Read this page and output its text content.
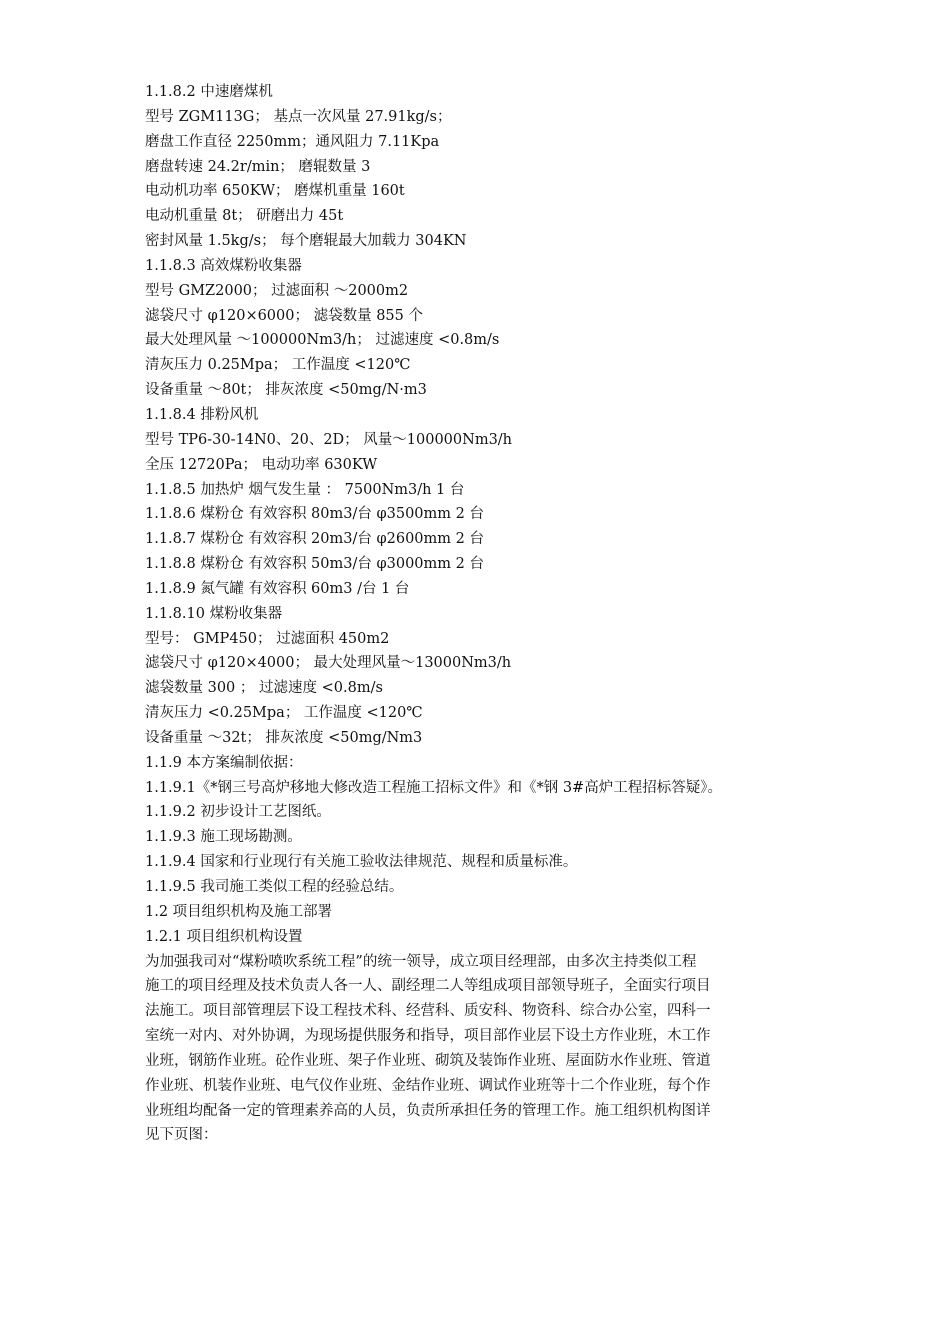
1.1.8.2 中速磨煤机
型号 ZGM113G； 基点一次风量 27.91kg/s；
磨盘工作直径 2250mm；通风阻力 7.11Kpa
磨盘转速 24.2r/min； 磨辊数量 3
电动机功率 650KW； 磨煤机重量 160t
电动机重量 8t； 研磨出力 45t
密封风量 1.5kg/s； 每个磨辊最大加载力 304KN
1.1.8.3 高效煤粉收集器
型号 GMZ2000； 过滤面积 ～2000m2
滤袋尺寸 φ120×6000； 滤袋数量 855 个
最大处理风量 ～100000Nm3/h； 过滤速度 <0.8m/s
清灰压力 0.25Mpa； 工作温度 <120℃
设备重量 ～80t； 排灰浓度 <50mg/N·m3
1.1.8.4 排粉风机
型号 TP6-30-14N0、20、2D； 风量～100000Nm3/h
全压 12720Pa； 电动功率 630KW
1.1.8.5 加热炉 烟气发生量 ： 7500Nm3/h 1 台
1.1.8.6 煤粉仓 有效容积 80m3/台 φ3500mm 2 台
1.1.8.7 煤粉仓 有效容积 20m3/台 φ2600mm 2 台
1.1.8.8 煤粉仓 有效容积 50m3/台 φ3000mm 2 台
1.1.8.9 氮气罐 有效容积 60m3 /台 1 台
1.1.8.10 煤粉收集器
型号： GMP450； 过滤面积 450m2
滤袋尺寸 φ120×4000； 最大处理风量～13000Nm3/h
滤袋数量 300 ； 过滤速度 <0.8m/s
清灰压力 <0.25Mpa； 工作温度 <120℃
设备重量 ～32t； 排灰浓度 <50mg/Nm3
1.1.9 本方案编制依据：
1.1.9.1《*钢三号高炉移地大修改造工程施工招标文件》和《*钢 3#高炉工程招标答疑》。
1.1.9.2 初步设计工艺图纸。
1.1.9.3 施工现场勘测。
1.1.9.4 国家和行业现行有关施工验收法律规范、规程和质量标准。
1.1.9.5 我司施工类似工程的经验总结。
1.2 项目组织机构及施工部署
1.2.1 项目组织机构设置
为加强我司对“煤粉喷吹系统工程”的统一领导，成立项目经理部，由多次主持类似工程
施工的项目经理及技术负责人各一人、副经理二人等组成项目部领导班子，全面实行项目
法施工。项目部管理层下设工程技术科、经营科、质安科、物资科、综合办公室，四科一
室统一对内、对外协调，为现场提供服务和指导，项目部作业层下设土方作业班，木工作
业班，钢筋作业班。砼作业班、架子作业班、砌筑及装饰作业班、屋面防水作业班、管道
作业班、机装作业班、电气仪作业班、金结作业班、调试作业班等十二个作业班，每个作
业班组均配备一定的管理素养高的人员，负责所承担任务的管理工作。施工组织机构图详
见下页图：
